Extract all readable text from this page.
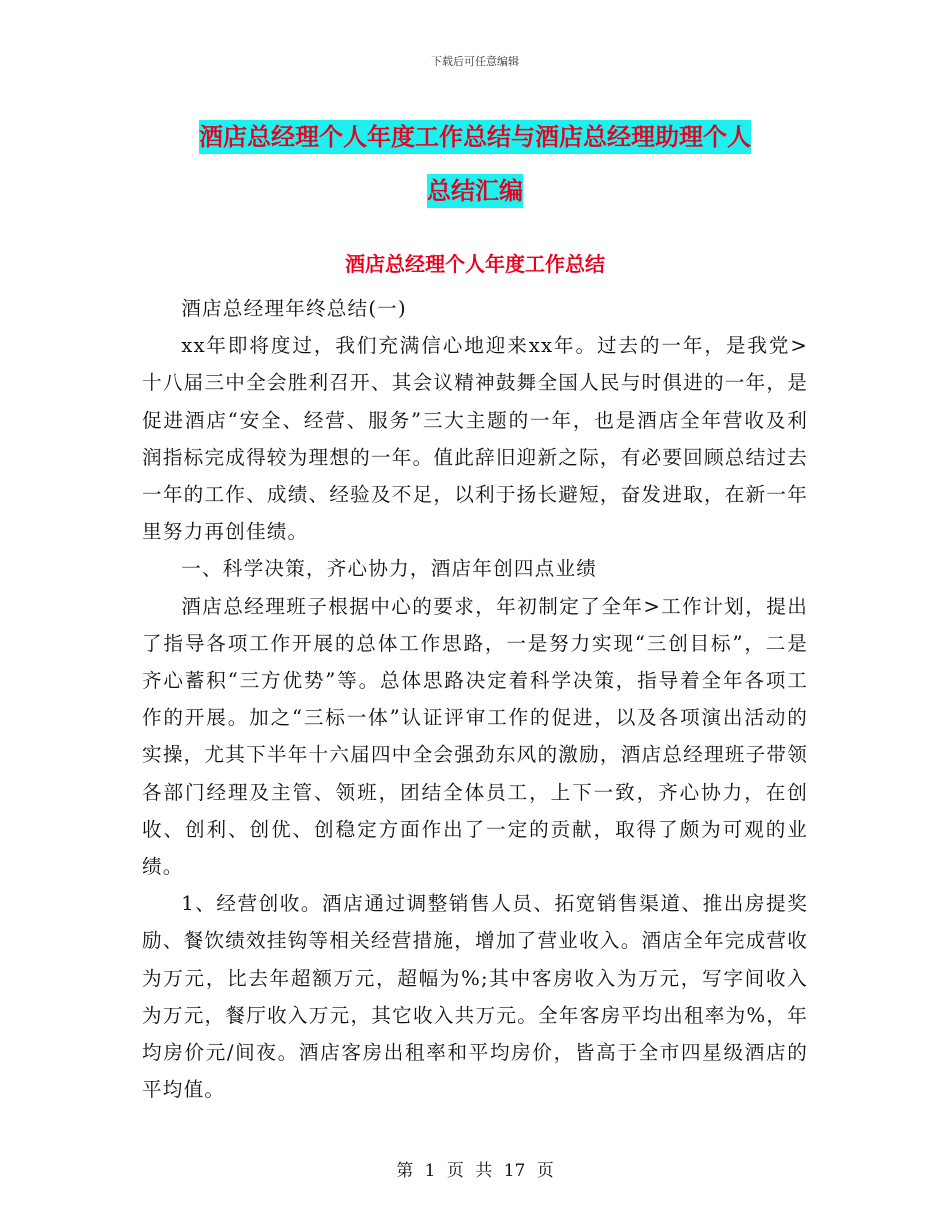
下载后可任意编辑
酒店总经理个人年度工作总结与酒店总经理助理个人
总结汇编
酒店总经理个人年度工作总结

酒店总经理年终总结(一)

xx年即将度过，我们充满信心地迎来xx年。过去的一年，是我党>十八届三中全会胜利召开、其会议精神鼓舞全国人民与时俱进的一年，是促进酒店“安全、经营、服务”三大主题的一年，也是酒店全年营收及利润指标完成得较为理想的一年。值此辞旧迎新之际，有必要回顾总结过去一年的工作、成绩、经验及不足，以利于扬长避短，奋发进取，在新一年里努力再创佳绩。

一、科学决策，齐心协力，酒店年创四点业绩

酒店总经理班子根据中心的要求，年初制定了全年>工作计划，提出了指导各项工作开展的总体工作思路，一是努力实现“三创目标”，二是齐心蓄积“三方优势”等。总体思路决定着科学决策，指导着全年各项工作的开展。加之“三标一体”认证评审工作的促进，以及各项演出活动的实操，尤其下半年十六届四中全会强劲东风的激励，酒店总经理班子带领各部门经理及主管、领班，团结全体员工，上下一致，齐心协力，在创收、创利、创优、创稳定方面作出了一定的贡献，取得了颇为可观的业绩。

1、经营创收。酒店通过调整销售人员、拓宽销售渠道、推出房提奖励、餐饮绩效挂钩等相关经营措施，增加了营业收入。酒店全年完成营收为万元，比去年超额万元，超幅为%;其中客房收入为万元，写字间收入为万元，餐厅收入万元，其它收入共万元。全年客房平均出租率为%，年均房价元/间夜。酒店客房出租率和平均房价，皆高于全市四星级酒店的平均值。

第 1 页 共 17 页
